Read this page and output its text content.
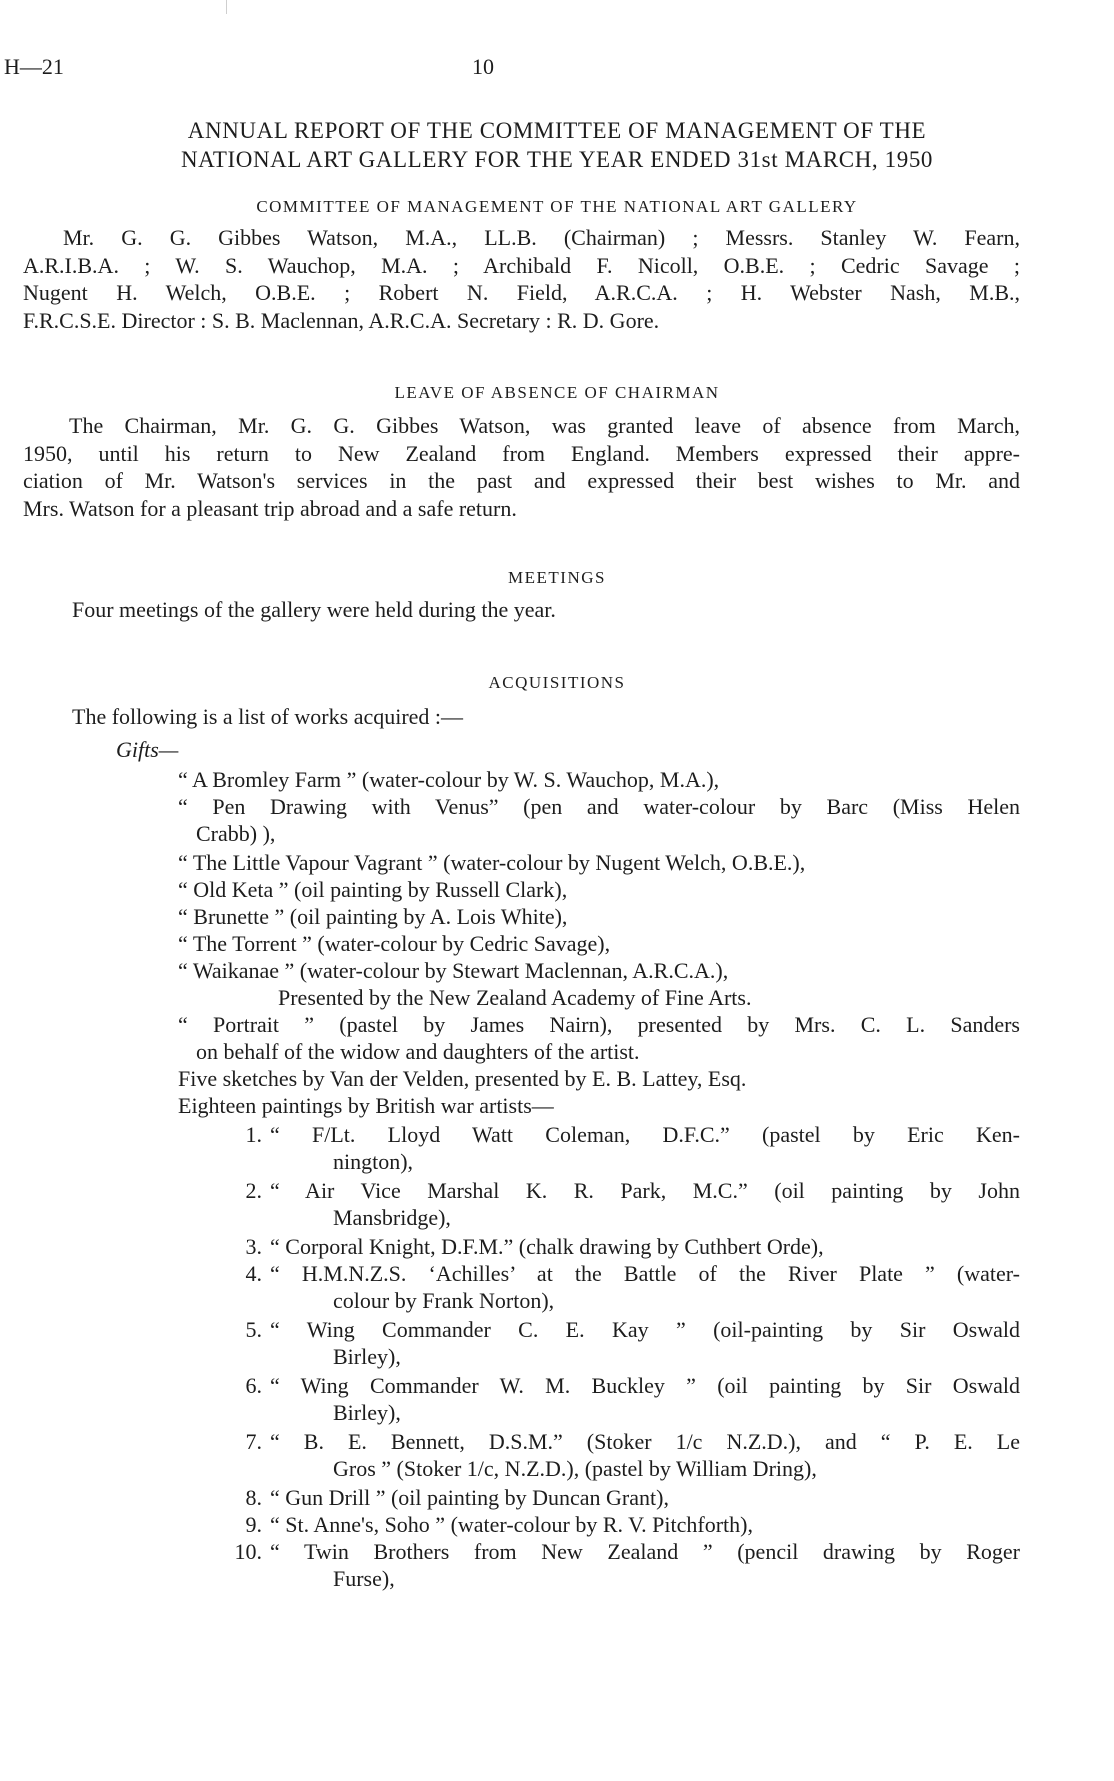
H—21	10
ANNUAL REPORT OF THE COMMITTEE OF MANAGEMENT OF THE
NATIONAL ART GALLERY FOR THE YEAR ENDED 31st MARCH, 1950
COMMITTEE OF MANAGEMENT OF THE NATIONAL ART GALLERY
Mr. G. G. Gibbes Watson, M.A., LL.B. (Chairman) ; Messrs. Stanley W. Fearn,
A.R.I.B.A. ; W. S. Wauchop, M.A. ; Archibald F. Nicoll, O.B.E. ; Cedric Savage ;
Nugent H. Welch, O.B.E. ; Robert N. Field, A.R.C.A. ; H. Webster Nash, M.B.,
F.R.C.S.E. Director : S. B. Maclennan, A.R.C.A. Secretary : R. D. Gore.
LEAVE OF ABSENCE OF CHAIRMAN
The Chairman, Mr. G. G. Gibbes Watson, was granted leave of absence from March,
1950, until his return to New Zealand from England. Members expressed their appre-
ciation of Mr. Watson's services in the past and expressed their best wishes to Mr. and
Mrs. Watson for a pleasant trip abroad and a safe return.
MEETINGS
Four meetings of the gallery were held during the year.
ACQUISITIONS
The following is a list of works acquired :—
Gifts—
“ A Bromley Farm ” (water-colour by W. S. Wauchop, M.A.),
“ Pen Drawing with Venus” (pen and water-colour by Barc (Miss Helen
Crabb) ),
“ The Little Vapour Vagrant ” (water-colour by Nugent Welch, O.B.E.),
“ Old Keta ” (oil painting by Russell Clark),
“ Brunette ” (oil painting by A. Lois White),
“ The Torrent ” (water-colour by Cedric Savage),
“ Waikanae ” (water-colour by Stewart Maclennan, A.R.C.A.),
Presented by the New Zealand Academy of Fine Arts.
“ Portrait ” (pastel by James Nairn), presented by Mrs. C. L. Sanders
on behalf of the widow and daughters of the artist.
Five sketches by Van der Velden, presented by E. B. Lattey, Esq.
Eighteen paintings by British war artists—
1. “ F/Lt. Lloyd Watt Coleman, D.F.C.” (pastel by Eric Ken-
nington),
2. “ Air Vice Marshal K. R. Park, M.C.” (oil painting by John
Mansbridge),
3. “ Corporal Knight, D.F.M.” (chalk drawing by Cuthbert Orde),
4. “ H.M.N.Z.S. ‘Achilles’ at the Battle of the River Plate ” (water-
colour by Frank Norton),
5. “ Wing Commander C. E. Kay ” (oil-painting by Sir Oswald
Birley),
6. “ Wing Commander W. M. Buckley ” (oil painting by Sir Oswald
Birley),
7. “ B. E. Bennett, D.S.M.” (Stoker 1/c N.Z.D.), and “ P. E. Le
Gros ” (Stoker 1/c, N.Z.D.), (pastel by William Dring),
8. “ Gun Drill ” (oil painting by Duncan Grant),
9. “ St. Anne's, Soho ” (water-colour by R. V. Pitchforth),
10. “ Twin Brothers from New Zealand ” (pencil drawing by Roger
Furse),
